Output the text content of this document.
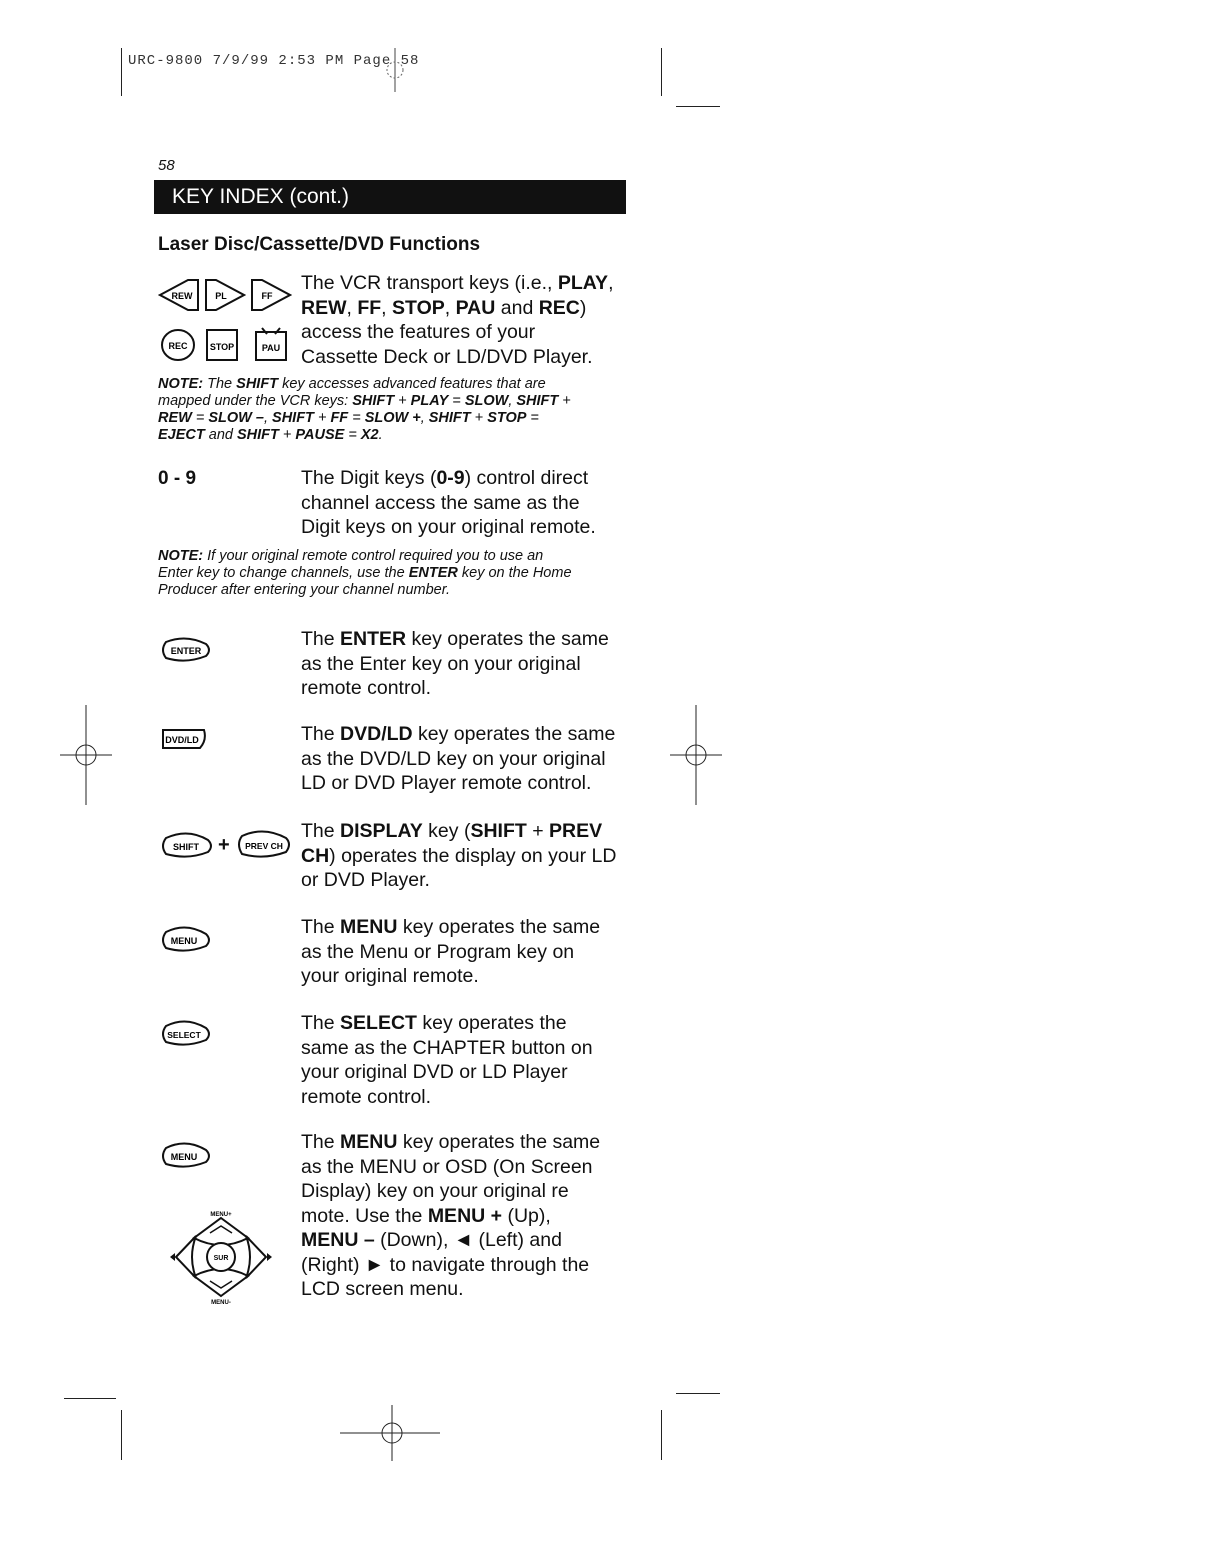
URC-9800 7/9/99 2:53 PM Page 58
58
KEY INDEX (cont.)
Laser Disc/Cassette/DVD Functions
REW	PL	FF
REC STOP	PAU
The VCR transport keys (i.e., PLAY,
REW, FF, STOP, PAU and REC)
access the features of your
Cassette Deck or LD/DVD Player.
NOTE: The SHIFT key accesses advanced features that are
mapped under the VCR keys: SHIFT + PLAY = SLOW, SHIFT +
REW = SLOW –, SHIFT + FF = SLOW +, SHIFT + STOP =
EJECT and SHIFT + PAUSE = X2.
0 - 9	The Digit keys (0-9) control direct
channel access the same as the
Digit keys on your original remote.
NOTE: If your original remote control required you to use an
Enter key to change channels, use the ENTER key on the Home
Producer after entering your channel number.
ENTER
The ENTER key operates the same
as the Enter key on your original
remote control.
DVD/LD	The DVD/LD key operates the same
as the DVD/LD key on your original
LD or DVD Player remote control.
SHIFT + PREV CH
The DISPLAY key (SHIFT + PREV
CH) operates the display on your LD
or DVD Player.
MENU
The MENU key operates the same
as the Menu or Program key on
your original remote.
SELECT
The SELECT key operates the
same as the CHAPTER button on
your original DVD or LD Player
remote control.
MENU
The MENU key operates the same
as the MENU or OSD (On Screen
Display) key on your original re
mote. Use the MENU + (Up),
MENU – (Down), ◄ (Left) and
(Right) ► to navigate through the
LCD screen menu.
MENU+
SUR
MENU-
